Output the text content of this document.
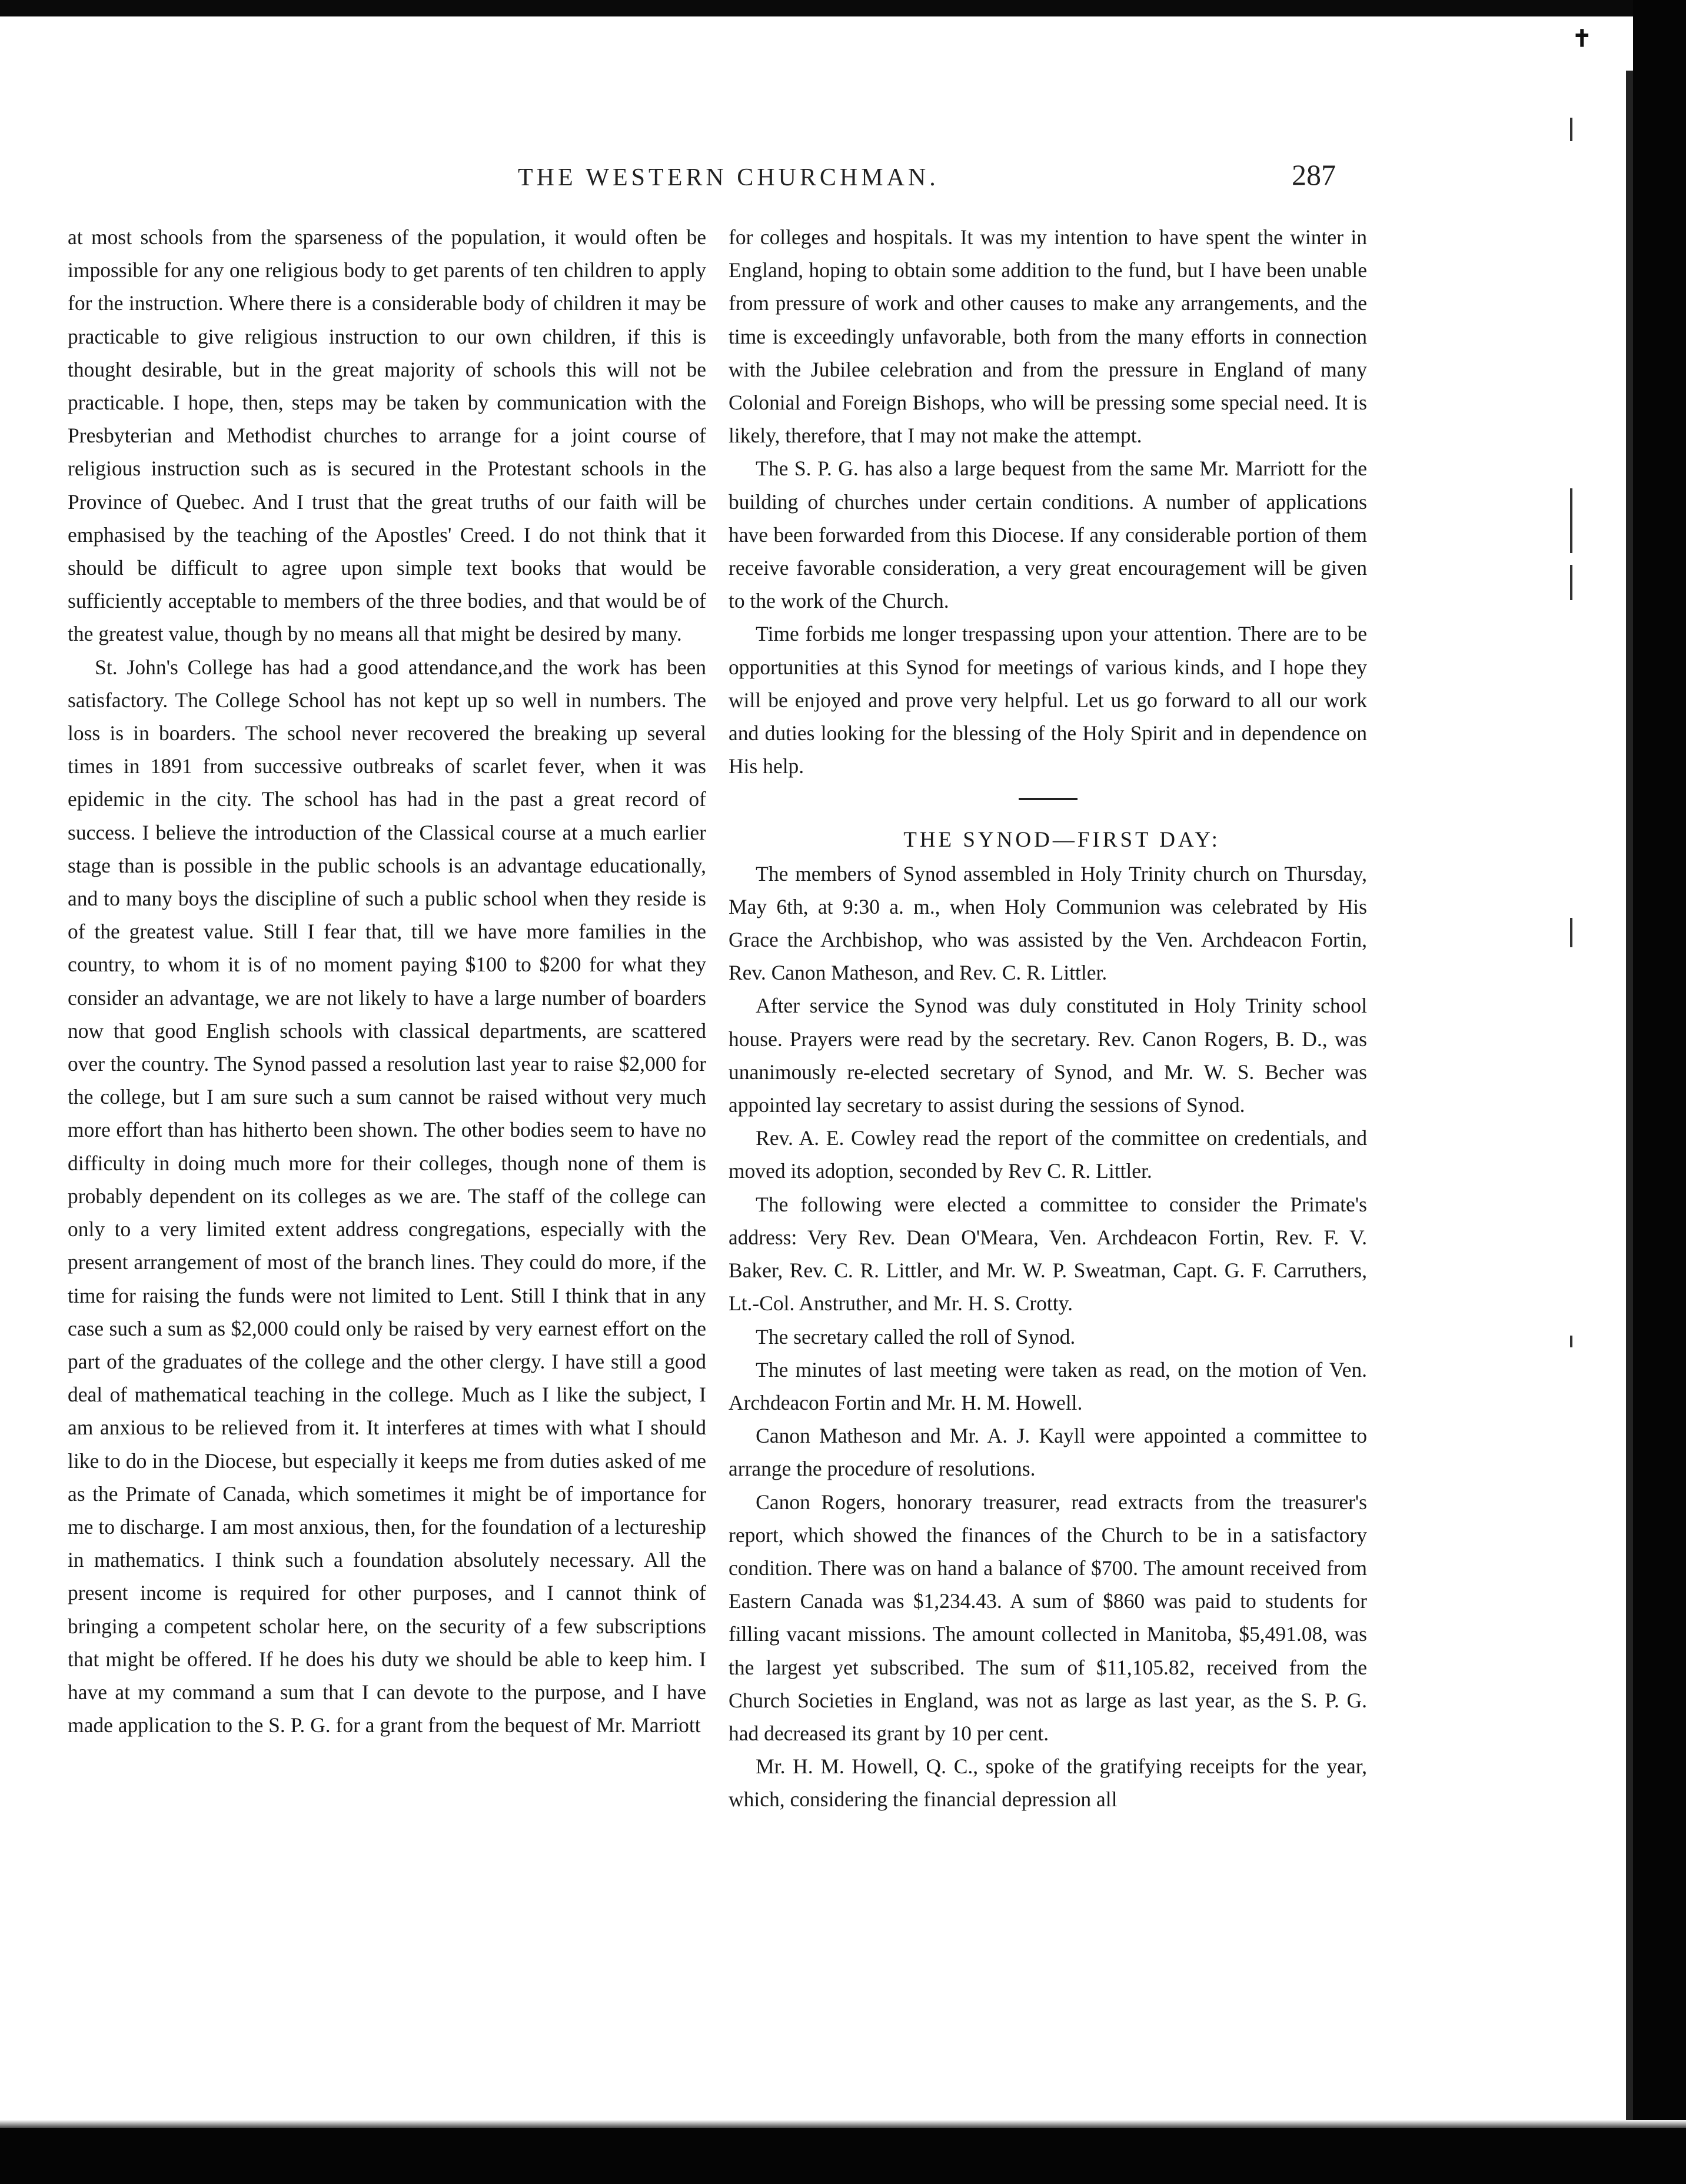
✝
THE WESTERN CHURCHMAN.	287

at most schools from the sparseness of the population, it would often be impossible for any one religious body to get parents of ten children to apply for the instruction. Where there is a considerable body of children it may be practicable to give religious instruction to our own children, if this is thought desirable, but in the great majority of schools this will not be practicable. I hope, then, steps may be taken by communication with the Presbyterian and Methodist churches to arrange for a joint course of religious instruction such as is secured in the Protestant schools in the Province of Quebec. And I trust that the great truths of our faith will be emphasised by the teaching of the Apostles' Creed. I do not think that it should be difficult to agree upon simple text books that would be sufficiently acceptable to members of the three bodies, and that would be of the greatest value, though by no means all that might be desired by many.

St. John's College has had a good attendance,and the work has been satisfactory. The College School has not kept up so well in numbers. The loss is in boarders. The school never recovered the breaking up several times in 1891 from successive outbreaks of scarlet fever, when it was epidemic in the city. The school has had in the past a great record of success. I believe the introduction of the Classical course at a much earlier stage than is possible in the public schools is an advantage educationally, and to many boys the discipline of such a public school when they reside is of the greatest value. Still I fear that, till we have more families in the country, to whom it is of no moment paying $100 to $200 for what they consider an advantage, we are not likely to have a large number of boarders now that good English schools with classical departments, are scattered over the country. The Synod passed a resolution last year to raise $2,000 for the college, but I am sure such a sum cannot be raised without very much more effort than has hitherto been shown. The other bodies seem to have no difficulty in doing much more for their colleges, though none of them is probably dependent on its colleges as we are. The staff of the college can only to a very limited extent address congregations, especially with the present arrangement of most of the branch lines. They could do more, if the time for raising the funds were not limited to Lent. Still I think that in any case such a sum as $2,000 could only be raised by very earnest effort on the part of the graduates of the college and the other clergy. I have still a good deal of mathematical teaching in the college. Much as I like the subject, I am anxious to be relieved from it. It interferes at times with what I should like to do in the Diocese, but especially it keeps me from duties asked of me as the Primate of Canada, which sometimes it might be of importance for me to discharge. I am most anxious, then, for the foundation of a lectureship in mathematics. I think such a foundation absolutely necessary. All the present income is required for other purposes, and I cannot think of bringing a competent scholar here, on the security of a few subscriptions that might be offered. If he does his duty we should be able to keep him. I have at my command a sum that I can devote to the purpose, and I have made application to the S. P. G. for a grant from the bequest of Mr. Marriott

for colleges and hospitals. It was my intention to have spent the winter in England, hoping to obtain some addition to the fund, but I have been unable from pressure of work and other causes to make any arrangements, and the time is exceedingly unfavorable, both from the many efforts in connection with the Jubilee celebration and from the pressure in England of many Colonial and Foreign Bishops, who will be pressing some special need. It is likely, therefore, that I may not make the attempt.

The S. P. G. has also a large bequest from the same Mr. Marriott for the building of churches under certain conditions. A number of applications have been forwarded from this Diocese. If any considerable portion of them receive favorable consideration, a very great encouragement will be given to the work of the Church.

Time forbids me longer trespassing upon your attention. There are to be opportunities at this Synod for meetings of various kinds, and I hope they will be enjoyed and prove very helpful. Let us go forward to all our work and duties looking for the blessing of the Holy Spirit and in dependence on His help.

THE SYNOD—FIRST DAY:

The members of Synod assembled in Holy Trinity church on Thursday, May 6th, at 9:30 a. m., when Holy Communion was celebrated by His Grace the Archbishop, who was assisted by the Ven. Archdeacon Fortin, Rev. Canon Matheson, and Rev. C. R. Littler.

After service the Synod was duly constituted in Holy Trinity school house. Prayers were read by the secretary. Rev. Canon Rogers, B. D., was unanimously re-elected secretary of Synod, and Mr. W. S. Becher was appointed lay secretary to assist during the sessions of Synod.

Rev. A. E. Cowley read the report of the committee on credentials, and moved its adoption, seconded by Rev C. R. Littler.

The following were elected a committee to consider the Primate's address: Very Rev. Dean O'Meara, Ven. Archdeacon Fortin, Rev. F. V. Baker, Rev. C. R. Littler, and Mr. W. P. Sweatman, Capt. G. F. Carruthers, Lt.-Col. Anstruther, and Mr. H. S. Crotty.

The secretary called the roll of Synod.

The minutes of last meeting were taken as read, on the motion of Ven. Archdeacon Fortin and Mr. H. M. Howell.

Canon Matheson and Mr. A. J. Kayll were appointed a committee to arrange the procedure of resolutions.

Canon Rogers, honorary treasurer, read extracts from the treasurer's report, which showed the finances of the Church to be in a satisfactory condition. There was on hand a balance of $700. The amount received from Eastern Canada was $1,234.43. A sum of $860 was paid to students for filling vacant missions. The amount collected in Manitoba, $5,491.08, was the largest yet subscribed. The sum of $11,105.82, received from the Church Societies in England, was not as large as last year, as the S. P. G. had decreased its grant by 10 per cent.

Mr. H. M. Howell, Q. C., spoke of the gratifying receipts for the year, which, considering the financial depression all
